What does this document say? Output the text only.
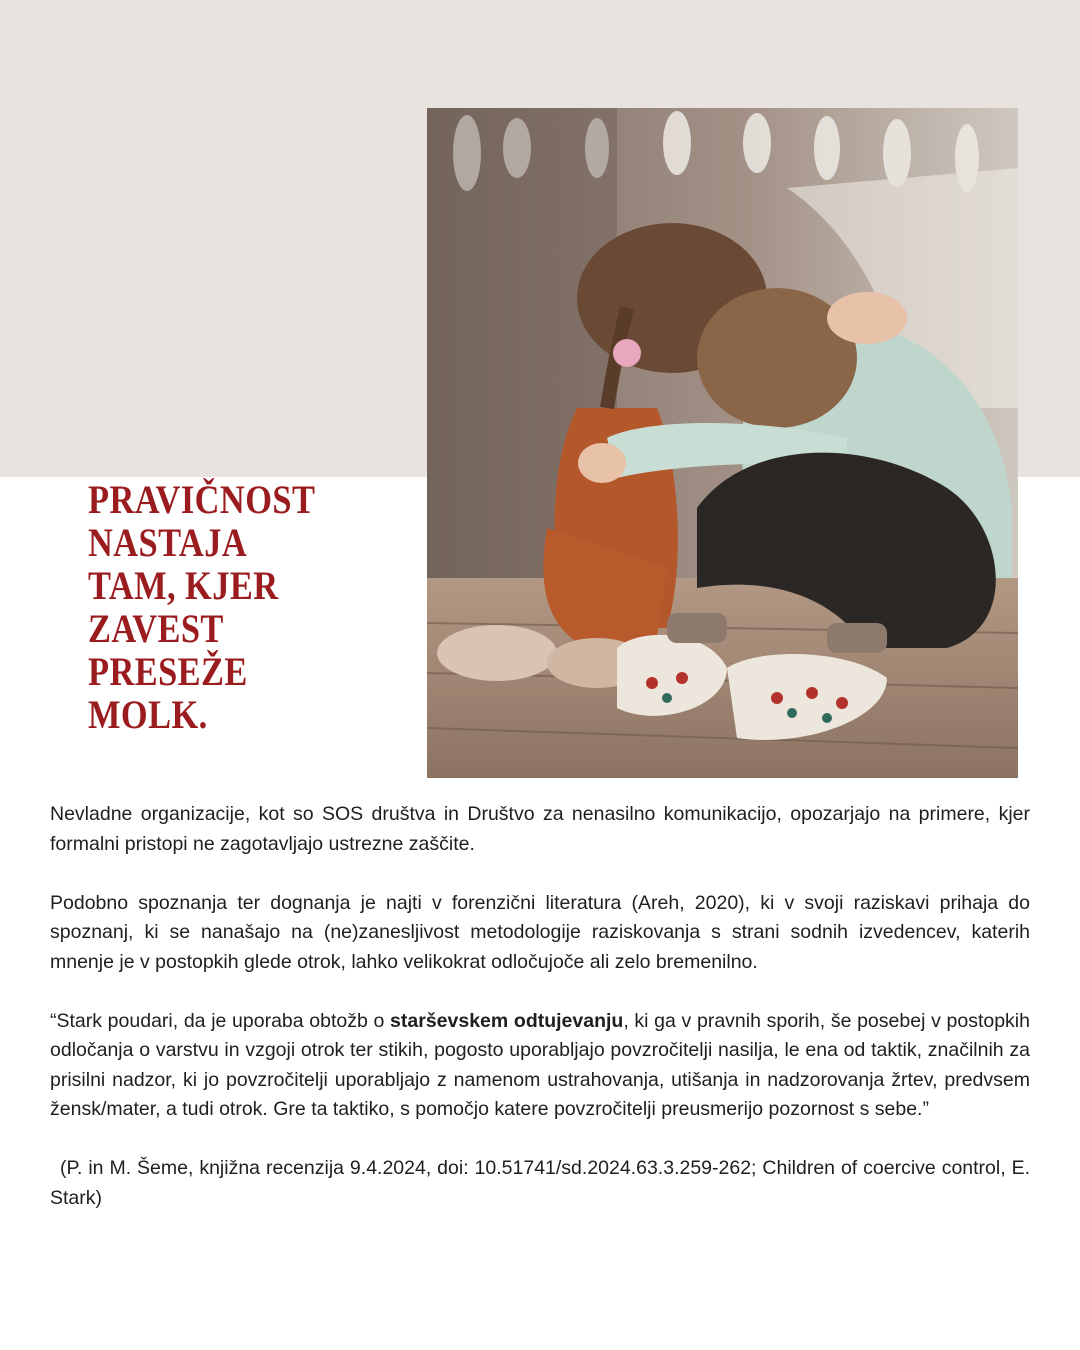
PRAVIČNOST
NASTAJA
TAM, KJER
ZAVEST
PRESEŽE
MOLK.

Nevladne organizacije, kot so SOS društva in Društvo za nenasilno komunikacijo, opozarjajo na primere, kjer formalni pristopi ne zagotavljajo ustrezne zaščite.

Podobno spoznanja ter dognanja je najti v forenzični literatura (Areh, 2020), ki v svoji raziskavi prihaja do spoznanj, ki se nanašajo na (ne)zanesljivost metodologije raziskovanja s strani sodnih izvedencev, katerih mnenje je v postopkih glede otrok, lahko velikokrat odločujoče ali zelo bremenilno.

“Stark poudari, da je uporaba obtožb o starševskem odtujevanju, ki ga v pravnih sporih, še posebej v postopkih odločanja o varstvu in vzgoji otrok ter stikih, pogosto uporabljajo povzročitelji nasilja, le ena od taktik, značilnih za prisilni nadzor, ki jo povzročitelji uporabljajo z namenom ustrahovanja, utišanja in nadzorovanja žrtev, predvsem žensk/mater, a tudi otrok. Gre ta taktiko, s pomočjo katere povzročitelji preusmerijo pozornost s sebe.”

(P. in M. Šeme, knjižna recenzija 9.4.2024, doi: 10.51741/sd.2024.63.3.259-262; Children of coercive control, E. Stark)
